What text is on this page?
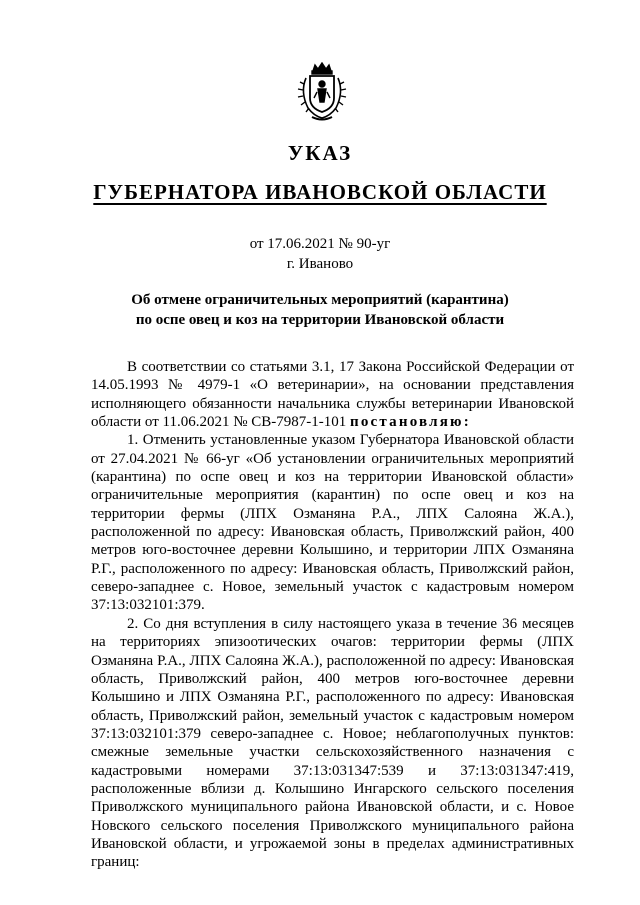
УКАЗ
ГУБЕРНАТОРА ИВАНОВСКОЙ ОБЛАСТИ
от 17.06.2021 № 90-уг
г. Иваново
Об отмене ограничительных мероприятий (карантина)
по оспе овец и коз на территории Ивановской области

В соответствии со статьями 3.1, 17 Закона Российской Федерации от 14.05.1993 № 4979-1 «О ветеринарии», на основании представления исполняющего обязанности начальника службы ветеринарии Ивановской области от 11.06.2021 № СВ-7987-1-101 постановляю:

1. Отменить установленные указом Губернатора Ивановской области от 27.04.2021 № 66-уг «Об установлении ограничительных мероприятий (карантина) по оспе овец и коз на территории Ивановской области» ограничительные мероприятия (карантин) по оспе овец и коз на территории фермы (ЛПХ Озманяна Р.А., ЛПХ Салояна Ж.А.), расположенной по адресу: Ивановская область, Приволжский район, 400 метров юго-восточнее деревни Колышино, и территории ЛПХ Озманяна Р.Г., расположенного по адресу: Ивановская область, Приволжский район, северо-западнее с. Новое, земельный участок с кадастровым номером 37:13:032101:379.

2. Со дня вступления в силу настоящего указа в течение 36 месяцев на территориях эпизоотических очагов: территории фермы (ЛПХ Озманяна Р.А., ЛПХ Салояна Ж.А.), расположенной по адресу: Ивановская область, Приволжский район, 400 метров юго-восточнее деревни Колышино и ЛПХ Озманяна Р.Г., расположенного по адресу: Ивановская область, Приволжский район, земельный участок с кадастровым номером 37:13:032101:379 северо-западнее с. Новое; неблагополучных пунктов: смежные земельные участки сельскохозяйственного назначения с кадастровыми номерами 37:13:031347:539 и 37:13:031347:419, расположенные вблизи д. Колышино Ингарского сельского поселения Приволжского муниципального района Ивановской области, и с. Новое Новского сельского поселения Приволжского муниципального района Ивановской области, и угрожаемой зоны в пределах административных границ:
